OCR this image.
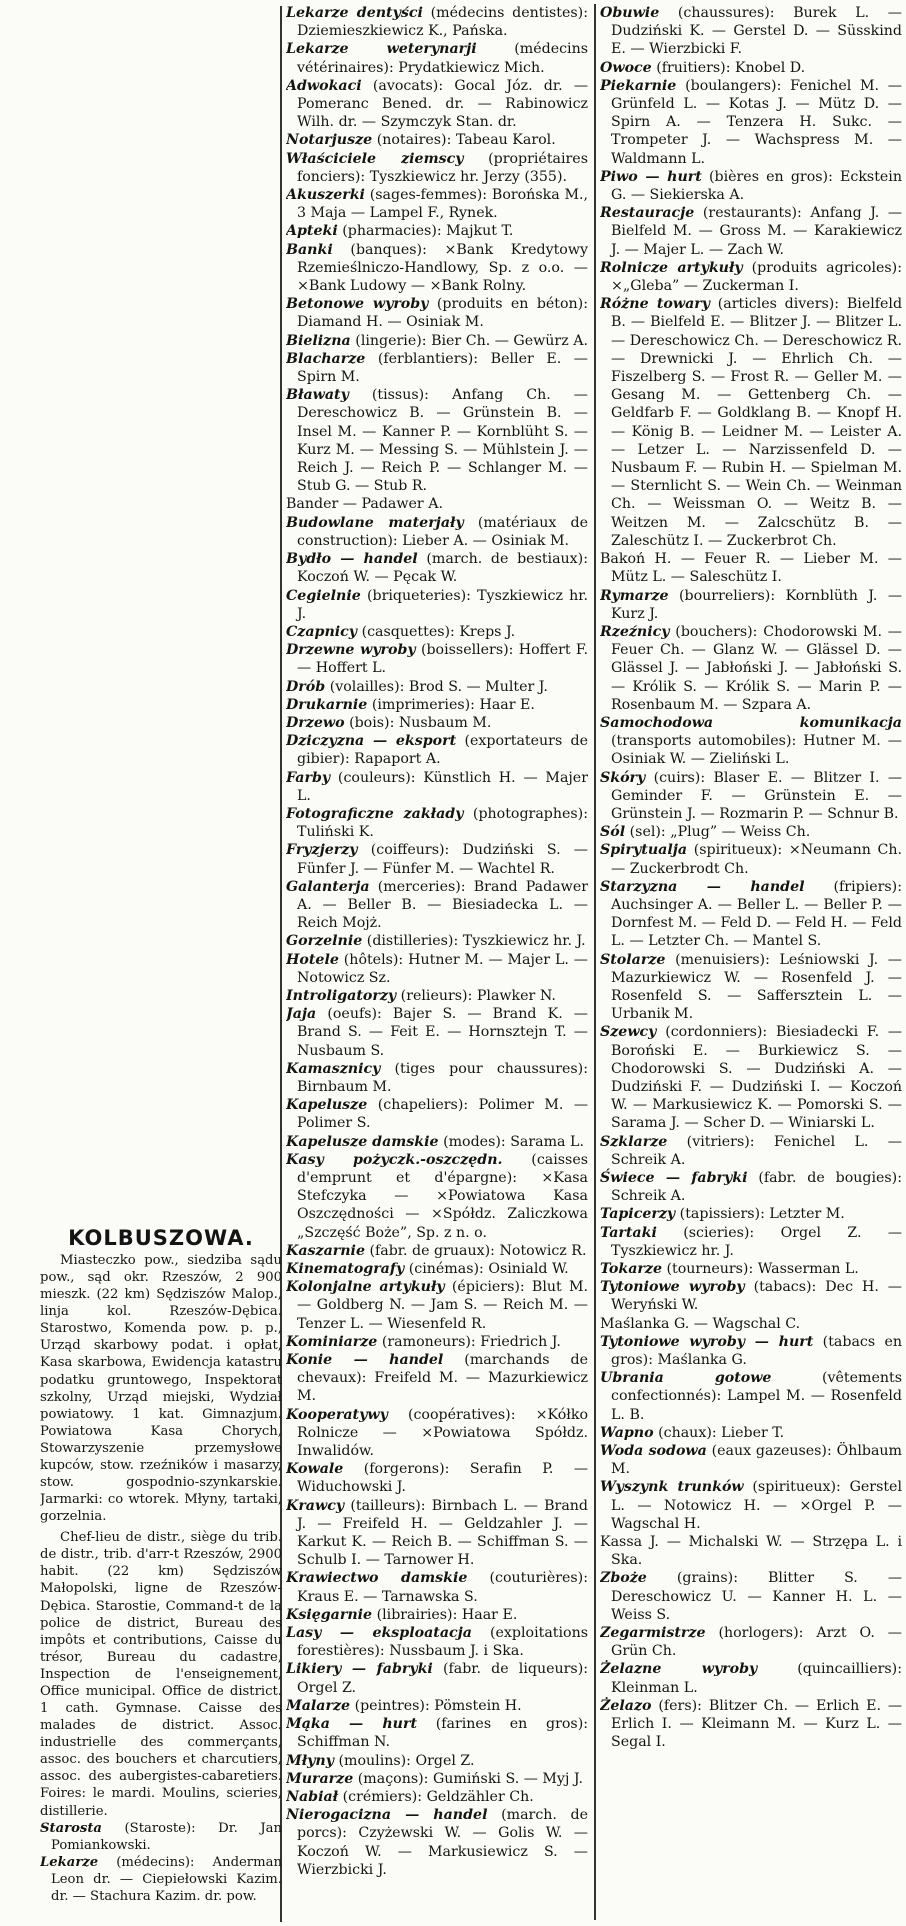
KOLBUSZOWA.

Miasteczko pow., siedziba sądu pow., sąd okr. Rzeszów, 2 900 mieszk. (22 km) Sędziszów Malop., linja kol. Rzeszów-Dębica. Starostwo, Komenda pow. p. p., Urząd skarbowy podat. i opłat, Kasa skarbowa, Ewidencja katastru podatku gruntowego, Inspektorat szkolny, Urząd miejski, Wydział powiatowy. 1 kat. Gimnazjum. Powiatowa Kasa Chorych, Stowarzyszenie przemysłowe kupców, stow. rzeźników i masarzy, stow. gospodnio-szynkarskie. Jarmarki: co wtorek. Młyny, tartaki, gorzelnia.

Chef-lieu de distr., siège du trib. de distr., trib. d'arr-t Rzeszów, 2900 habit. (22 km) Sędziszów Małopolski, ligne de Rzeszów-Dębica. Starostie, Command-t de la police de district, Bureau des impôts et contributions, Caisse du trésor, Bureau du cadastre, Inspection de l'enseignement, Office municipal. Office de district. 1 cath. Gymnase. Caisse des malades de district. Assoc. industrielle des commerçants, assoc. des bouchers et charcutiers, assoc. des aubergistes-cabaretiers. Foires: le mardi. Moulins, scieries, distillerie.

Starosta (Staroste): Dr. Jan Pomiankowski.

Lekarze (médecins): Anderman Leon dr. — Ciepiełowski Kazim. dr. — Stachura Kazim. dr. pow.

Lekarze dentyści (médecins dentistes): Dziemieszkiewicz K., Pańska.

Lekarze weterynarji	(médecins vétérinaires): Prydatkiewicz Mich.

Adwokaci (avocats): Gocal Józ. dr. — Pomeranc Bened. dr. — Rabinowicz Wilh. dr. — Szymczyk Stan. dr.

Notarjusze (notaires): Tabeau Karol.

Właściciele ziemscy (propriétaires fonciers): Tyszkiewicz hr. Jerzy (355).

Akuszerki (sages-femmes): Borońska M., 3 Maja — Lampel F., Rynek.

Apteki (pharmacies): Majkut T.

Banki (banques): ×Bank Kredytowy Rzemieślniczo-Handlowy, Sp. z o.o. — ×Bank Ludowy — ×Bank Rolny.

Betonowe wyroby (produits en béton): Diamand H. — Osiniak M.

Bielizna (lingerie): Bier Ch. — Gewürz A.

Blacharze (ferblantiers): Beller E. — Spirn M.

Bławaty (tissus): Anfang Ch. — Dereschowicz B. — Grünstein B. — Insel M. — Kanner P. — Kornblüht S. — Kurz M. — Messing S. — Mühlstein J. — Reich J. — Reich P. — Schlanger M. — Stub G. — Stub R.

Bander — Padawer A.

Budowlane materjały (matériaux de construction): Lieber A. — Osiniak M.

Bydło — handel (march. de bestiaux): Koczoń W. — Pęcak W.

Cegielnie (briqueteries): Tyszkiewicz hr. J.

Czapnicy (casquettes): Kreps J.

Drzewne wyroby (boissellers): Hoffert F. — Hoffert L.

Drób (volailles): Brod S. — Multer J.

Drukarnie (imprimeries): Haar E.

Drzewo (bois): Nusbaum M.

Dziczyzna — eksport (exportateurs de gibier): Rapaport A.

Farby (couleurs): Künstlich H. — Majer L.

Fotograficzne zakłady (photographes): Tuliński K.

Fryzjerzy (coiffeurs): Dudziński S. — Fünfer J. — Fünfer M. — Wachtel R.

Galanterja (merceries): Brand Padawer A. — Beller B. — Biesiadecka L. — Reich Mojż.

Gorzelnie (distilleries): Tyszkiewicz hr. J.

Hotele (hôtels): Hutner M. — Majer L. — Notowicz Sz.

Introligatorzy (relieurs): Plawker N.

Jaja (oeufs): Bajer S. — Brand K. — Brand S. — Feit E. — Hornsztejn T. — Nusbaum S.

Kamasznicy (tiges pour chaussures): Birnbaum M.

Kapelusze (chapeliers): Polimer M. — Polimer S.

Kapelusze damskie (modes): Sarama L.

Kasy pożyczk.-oszczędn. (caisses d'emprunt et d'épargne): ×Kasa Stefczyka — ×Powiatowa Kasa Oszczędności — ×Spółdz. Zaliczkowa „Szczęść Boże”, Sp. z n. o.

Kaszarnie (fabr. de gruaux): Notowicz R.

Kinematografy (cinémas): Osiniald W.

Kolonjalne artykuły (épiciers): Blut M. — Goldberg N. — Jam S. — Reich M. — Tenzer L. — Wiesenfeld R.

Kominiarze (ramoneurs): Friedrich J.

Konie — handel (marchands de chevaux): Freifeld M. — Mazurkiewicz M.

Kooperatywy (coopératives): ×Kółko Rolnicze — ×Powiatowa Spółdz. Inwalidów.

Kowale (forgerons): Serafin P. — Widuchowski J.

Krawcy (tailleurs): Birnbach L. — Brand J. — Freifeld H. — Geldzahler J. — Karkut K. — Reich B. — Schiffman S. — Schulb I. — Tarnower H.

Krawiectwo damskie (couturières): Kraus E. — Tarnawska S.

Księgarnie (librairies): Haar E.

Lasy — eksploatacja (exploitations forestières): Nussbaum J. i Ska.

Likiery — fabryki (fabr. de liqueurs): Orgel Z.

Malarze (peintres): Pömstein H.

Mąka — hurt (farines en gros): Schiffman N.

Młyny (moulins): Orgel Z.

Murarze (maçons): Gumiński S. — Myj J.

Nabiał (crémiers): Geldzähler Ch.

Nierogacizna — handel (march. de porcs): Czyżewski W. — Golis W. — Koczoń W. — Markusiewicz S. — Wierzbicki J.

Obuwie (chaussures): Burek L. — Dudziński K. — Gerstel D. — Süsskind E. — Wierzbicki F.

Owoce (fruitiers): Knobel D.

Piekarnie (boulangers): Fenichel M. — Grünfeld L. — Kotas J. — Mütz D. — Spirn A. — Tenzera H. Sukc. — Trompeter J. — Wachspress M. — Waldmann L.

Piwo — hurt (bières en gros): Eckstein G. — Siekierska A.

Restauracje (restaurants): Anfang J. — Bielfeld M. — Gross M. — Karakiewicz J. — Majer L. — Zach W.

Rolnicze artykuły (produits agricoles): ×„Gleba” — Zuckerman I.

Różne towary (articles divers): Bielfeld B. — Bielfeld E. — Blitzer J. — Blitzer L. — Dereschowicz Ch. — Dereschowicz R. — Drewnicki J. — Ehrlich Ch. — Fiszelberg S. — Frost R. — Geller M. — Gesang M. — Gettenberg Ch. — Geldfarb F. — Goldklang B. — Knopf H. — König B. — Leidner M. — Leister A. — Letzer L. — Narzissenfeld D. — Nusbaum F. — Rubin H. — Spielman M. — Sternlicht S. — Wein Ch. — Weinman Ch. — Weissman O. — Weitz B. — Weitzen M. — Zalcschütz B. — Zaleschütz I. — Zuckerbrot Ch.

Bakoń H. — Feuer R. — Lieber M. — Mütz L. — Saleschütz I.

Rymarze (bourreliers): Kornblüth J. — Kurz J.

Rzeźnicy (bouchers): Chodorowski M. — Feuer Ch. — Glanz W. — Glässel D. — Glässel J. — Jabłoński J. — Jabłoński S. — Królik S. — Królik S. — Marin P. — Rosenbaum M. — Szpara A.

Samochodowa komunikacja (transports automobiles): Hutner M. — Osiniak W. — Zieliński L.

Skóry (cuirs): Blaser E. — Blitzer I. — Geminder F. — Grünstein E. — Grünstein J. — Rozmarin P. — Schnur B.

Sól (sel): „Plug” — Weiss Ch.

Spirytualja (spiritueux): ×Neumann Ch. — Zuckerbrodt Ch.

Starzyzna — handel (fripiers): Auchsinger A. — Beller L. — Beller P. — Dornfest M. — Feld D. — Feld H. — Feld L. — Letzter Ch. — Mantel S.

Stolarze (menuisiers): Leśniowski J. — Mazurkiewicz W. — Rosenfeld J. — Rosenfeld S. — Saffersztein L. — Urbanik M.

Szewcy (cordonniers): Biesiadecki F. — Boroński E. — Burkiewicz S. — Chodorowski S. — Dudziński A. — Dudziński F. — Dudziński I. — Koczoń W. — Markusiewicz K. — Pomorski S. — Sarama J. — Scher D. — Winiarski L.

Szklarze (vitriers): Fenichel L. — Schreik A.

Świece — fabryki (fabr. de bougies): Schreik A.

Tapicerzy (tapissiers): Letzter M.

Tartaki (scieries): Orgel Z. — Tyszkiewicz hr. J.

Tokarze (tourneurs): Wasserman L.

Tytoniowe wyroby (tabacs): Dec H. — Weryński W.

Maślanka G. — Wagschal C.

Tytoniowe wyroby — hurt (tabacs en gros): Maślanka G.

Ubrania gotowe	(vêtements confectionnés): Lampel M. — Rosenfeld L. B.

Wapno (chaux): Lieber T.

Woda sodowa (eaux gazeuses): Öhlbaum M.

Wyszynk trunków (spiritueux): Gerstel L. — Notowicz H. — ×Orgel P. — Wagschal H.

Kassa J. — Michalski W. — Strzępa L. i Ska.

Zboże (grains): Blitter S. — Dereschowicz U. — Kanner H. L. — Weiss S.

Zegarmistrze (horlogers): Arzt O. — Grün Ch.

Żelazne wyroby	(quincailliers): Kleinman L.

Żelazo (fers): Blitzer Ch. — Erlich E. — Erlich I. — Kleimann M. — Kurz L. — Segal I.
